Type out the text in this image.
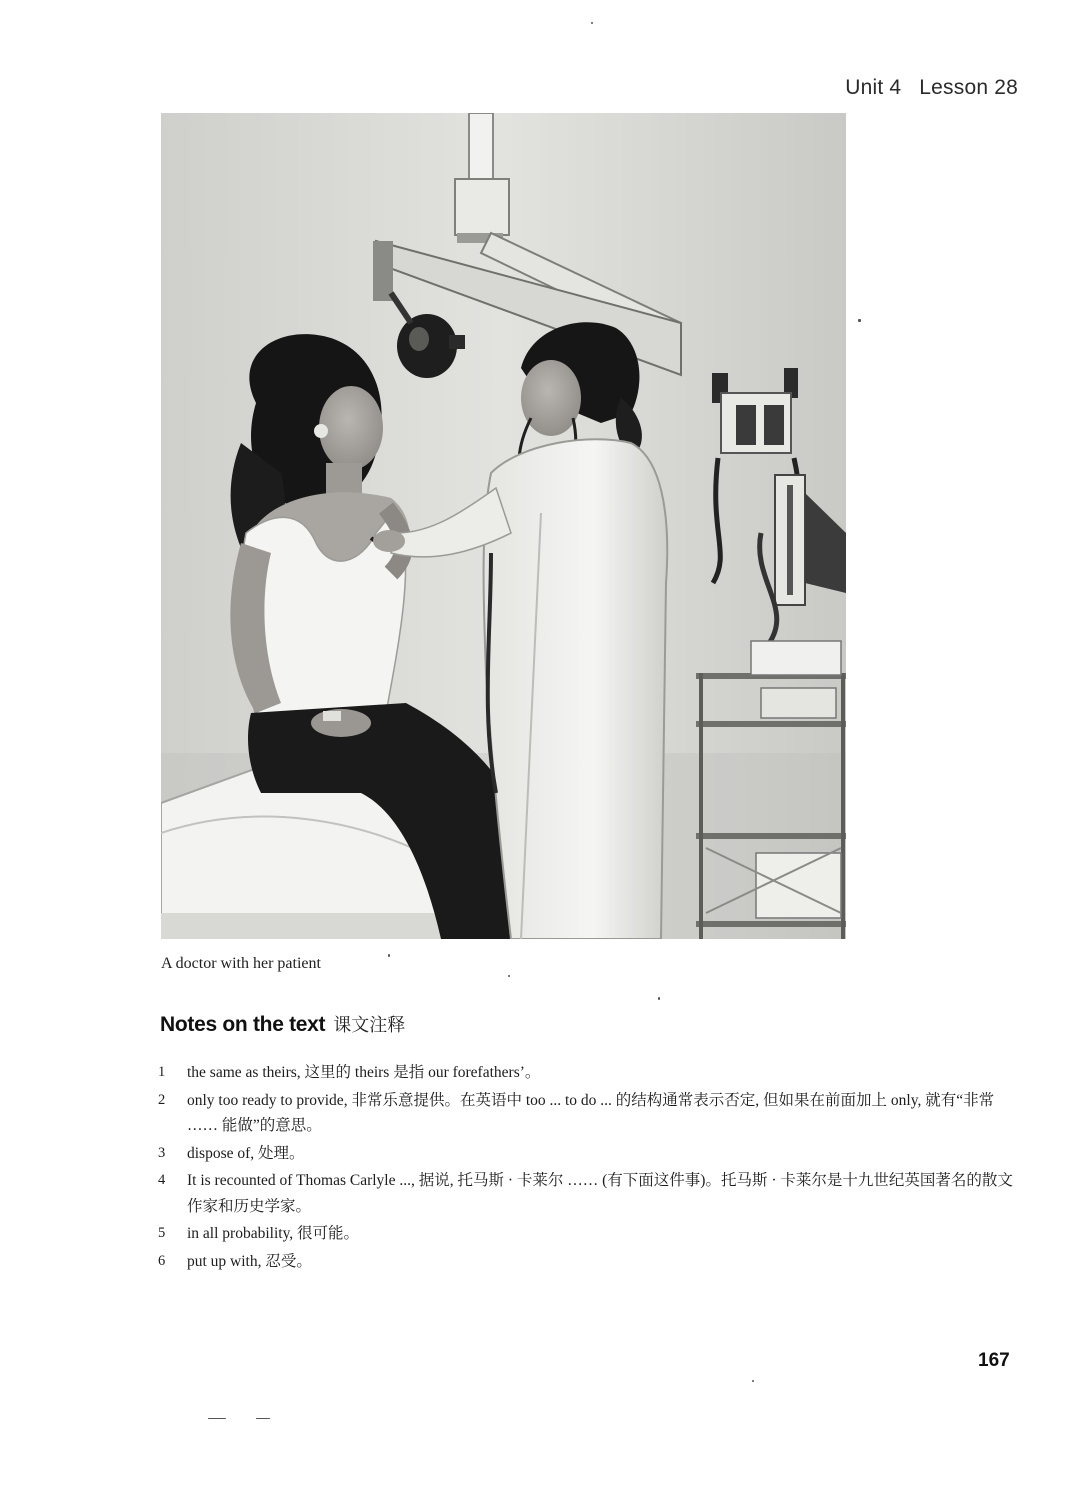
Unit 4 Lesson 28
A doctor with her patient
Notes on the text 课文注释
1	the same as theirs, 这里的 theirs 是指 our forefathers’。
2	only too ready to provide, 非常乐意提供。在英语中 too ... to do ... 的结构通常表示否定, 但如果在前面加上 only, 就有“非常 …… 能做”的意思。
3	dispose of, 处理。
4	It is recounted of Thomas Carlyle ..., 据说, 托马斯 · 卡莱尔 …… (有下面这件事)。托马斯 · 卡莱尔是十九世纪英国著名的散文作家和历史学家。
5	in all probability, 很可能。
6	put up with, 忍受。
167
